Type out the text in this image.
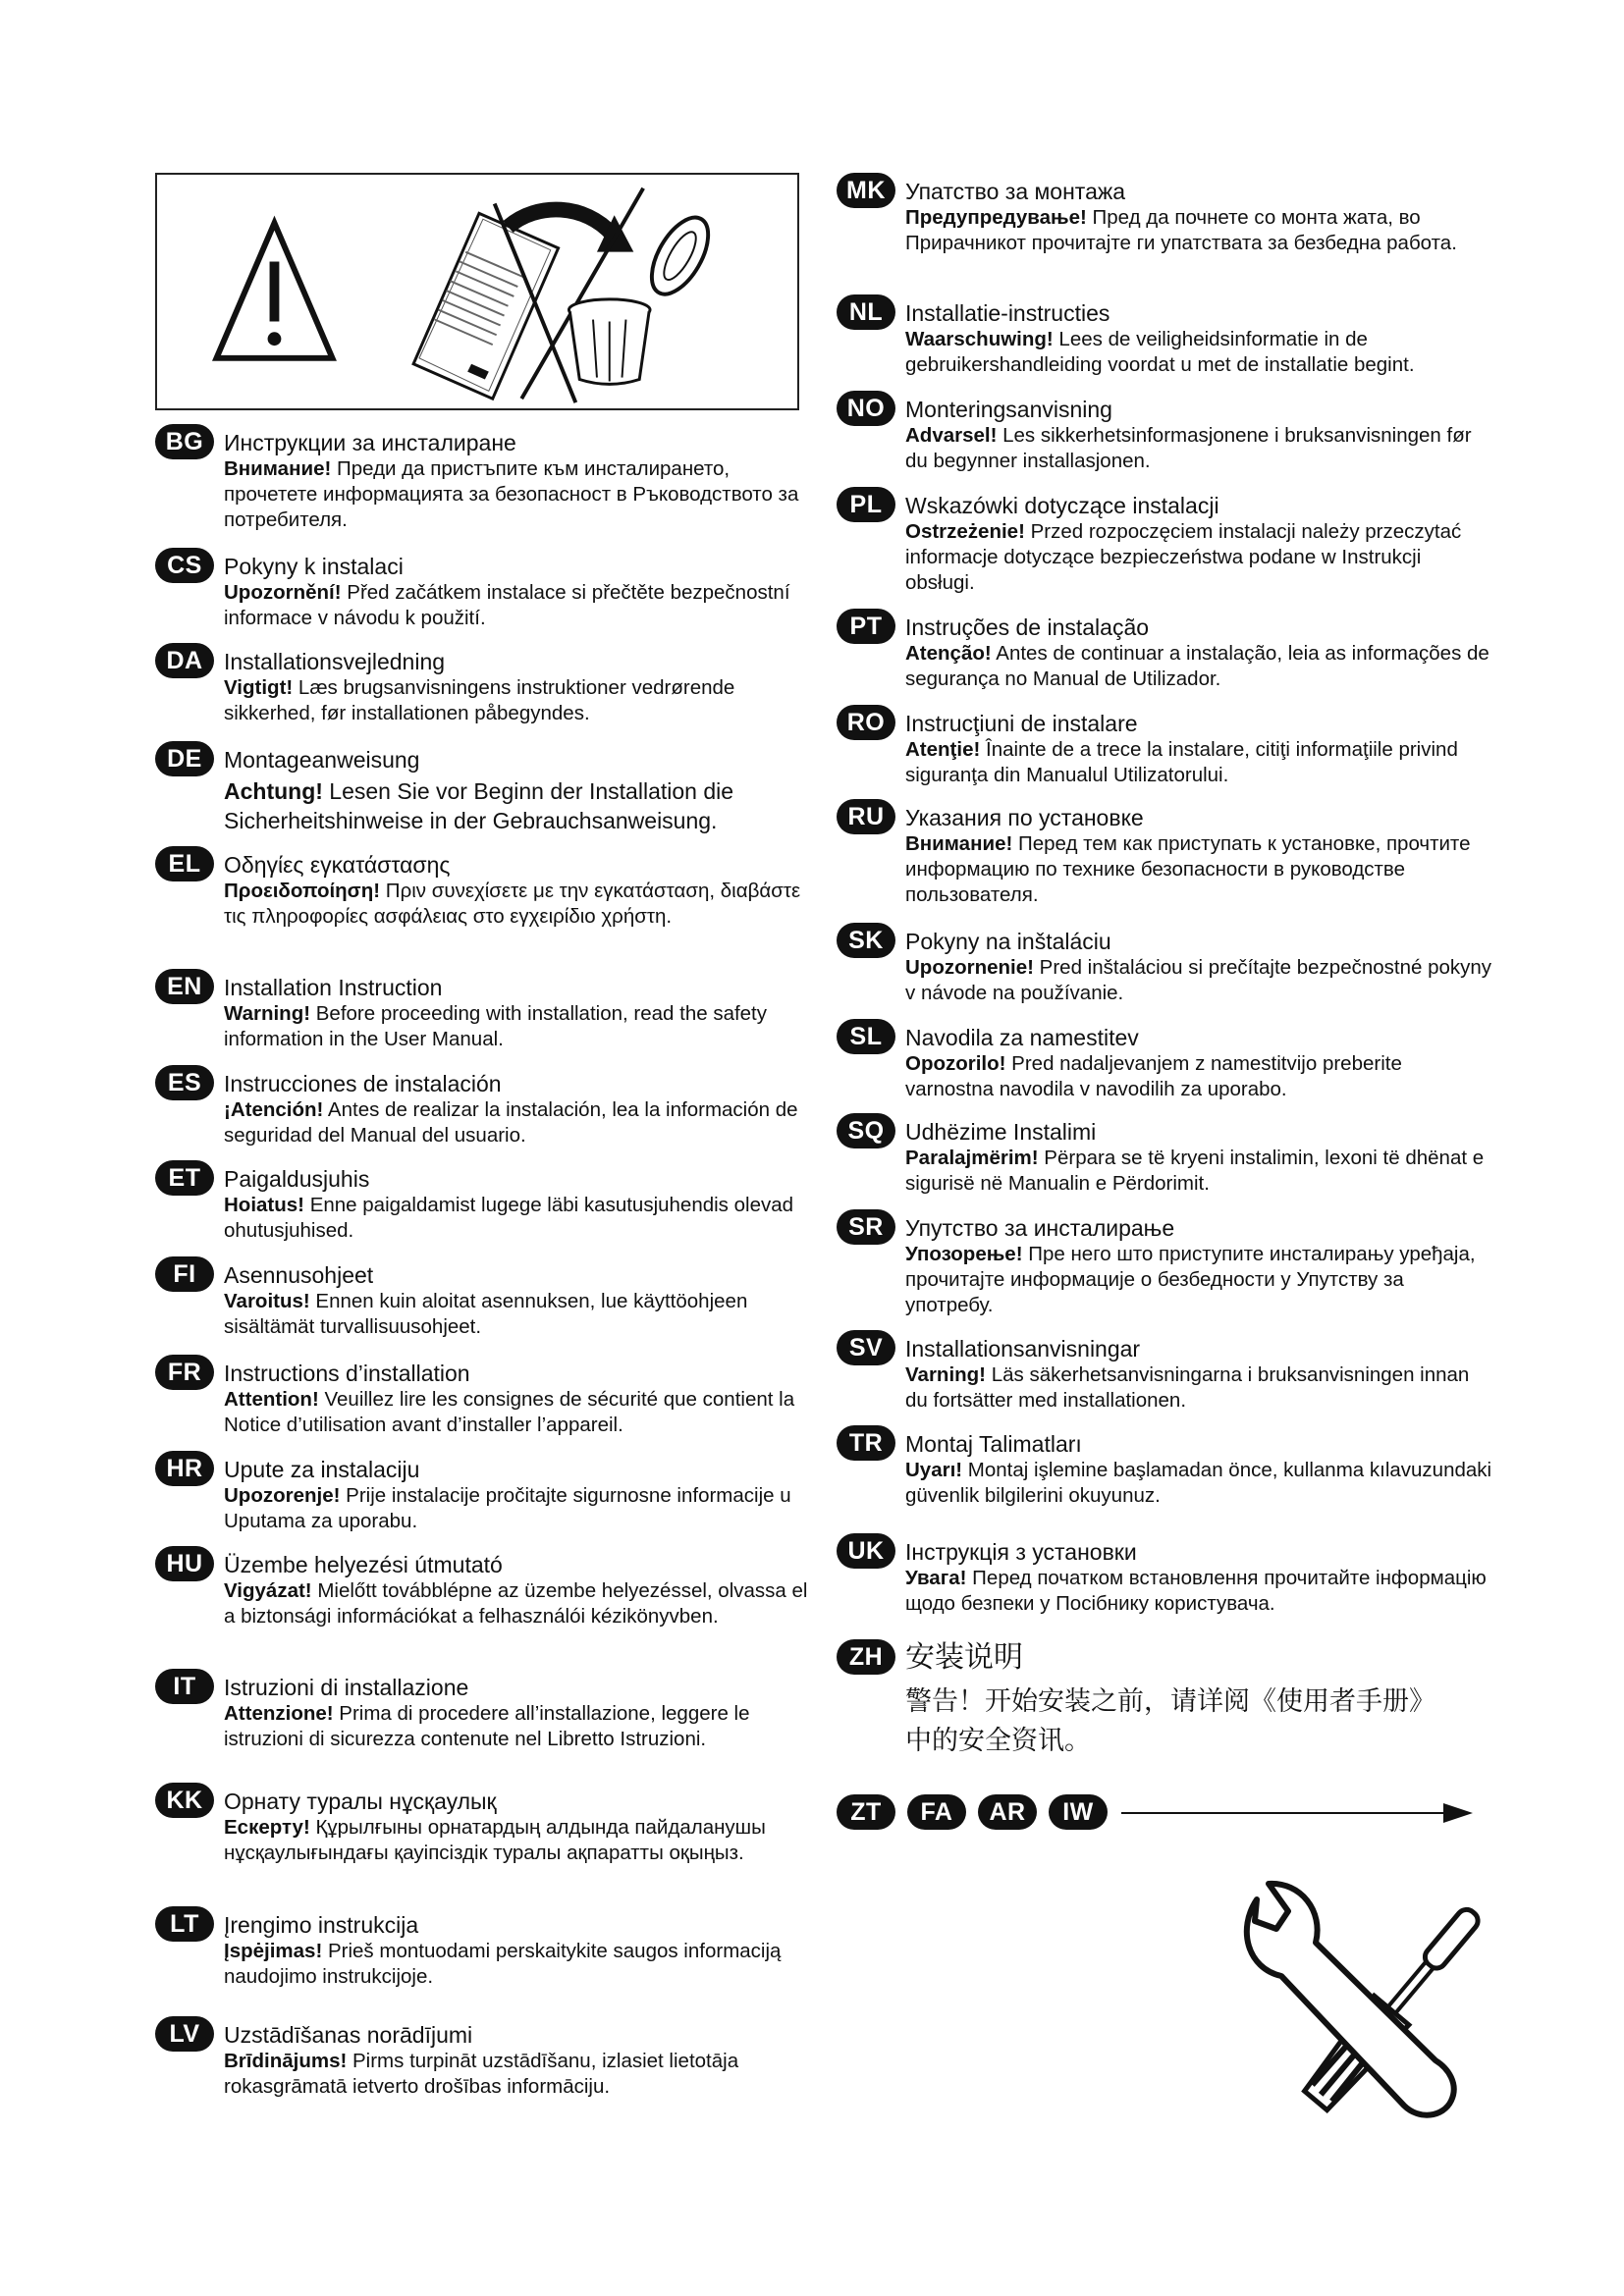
BG Инструкции за инсталиране
Внимание! Преди да пристъпите към инсталирането, прочетете информацията за безопасност в Ръководството за потребителя.
CS Pokyny k instalaci
Upozornění! Před začátkem instalace si přečtěte bezpečnostní informace v návodu k použití.
DA Installationsvejledning
Vigtigt! Læs brugsanvisningens instruktioner vedrørende sikkerhed, før installationen påbegyndes.
DE Montageanweisung
Achtung! Lesen Sie vor Beginn der Installation die Sicherheitshinweise in der Gebrauchsanweisung.
EL	Οδηγίες εγκατάστασης
Προειδοποίηση! Πριν συνεχίσετε με την εγκατάσταση, διαβάστε τις πληροφορίες ασφάλειας στο εγχειρίδιο χρήστη.
EN Installation Instruction
Warning! Before proceeding with installation, read the safety information in the User Manual.
ES Instrucciones de instalación
¡Atención! Antes de realizar la instalación, lea la información de seguridad del Manual del usuario.
ET	Paigaldusjuhis
Hoiatus! Enne paigaldamist lugege läbi kasutusjuhendis olevad ohutusjuhised.
FI	Asennusohjeet
Varoitus! Ennen kuin aloitat asennuksen, lue käyttöohjeen sisältämät turvallisuusohjeet.
FR Instructions d’installation
Attention! Veuillez lire les consignes de sécurité que contient la Notice d’utilisation avant d’installer l’appareil.
HR Upute za instalaciju
Upozorenje! Prije instalacije pročitajte sigurnosne informacije u Uputama za uporabu.
HU Üzembe helyezési útmutató
Vigyázat! Mielőtt továbblépne az üzembe helyezéssel, olvassa el a biztonsági információkat a felhasználói kézikönyvben.
IT	Istruzioni di installazione
Attenzione! Prima di procedere all’installazione, leggere le istruzioni di sicurezza contenute nel Libretto Istruzioni.
KK Орнату туралы нұсқаулық
Ескерту! Құрылғыны орнатардың алдында пайдаланушы нұсқаулығындағы қауіпсіздік туралы ақпаратты оқыңыз.
LT	Įrengimo instrukcija
Įspėjimas! Prieš montuodami perskaitykite saugos informaciją naudojimo instrukcijoje.
LV	Uzstādīšanas norādījumi
Brīdinājums! Pirms turpināt uzstādīšanu, izlasiet lietotāja rokasgrāmatā ietverto drošības informāciju.
MK Упатство за монтажа
Предупредување! Пред да почнете со монта жата, во Прирачникот прочитајте ги упатствата за безбедна работа.
NL Installatie-instructies
Waarschuwing! Lees de veiligheidsinformatie in de gebruikershandleiding voordat u met de installatie begint.
NO Monteringsanvisning
Advarsel! Les sikkerhetsinformasjonene i bruksanvisningen før du begynner installasjonen.
PL	Wskazówki dotyczące instalacji
Ostrzeżenie! Przed rozpoczęciem instalacji należy przeczytać informacje dotyczące bezpieczeństwa podane w Instrukcji obsługi.
PT	Instruções de instalação
Atenção! Antes de continuar a instalação, leia as informações de segurança no Manual de Utilizador.
RO Instrucţiuni de instalare
Atenţie! Înainte de a trece la instalare, citiţi informaţiile privind siguranţa din Manualul Utilizatorului.
RU Указания по установке
Внимание! Перед тем как приступать к установке, прочтите информацию по технике безопасности в руководстве пользователя.
SK Pokyny na inštaláciu
Upozornenie! Pred inštaláciou si prečítajte bezpečnostné pokyny v návode na používanie.
SL	Navodila za namestitev
Opozorilo! Pred nadaljevanjem z namestitvijo preberite varnostna navodila v navodilih za uporabo.
SQ Udhëzime Instalimi
Paralajmërim! Përpara se të kryeni instalimin, lexoni të dhënat e sigurisë në Manualin e Përdorimit.
SR Упутство за инсталирање
Упозорење! Пре него што приступите инсталирању уређаја, прочитајте информације о безбедности у Упутству за употребу.
SV Installationsanvisningar
Varning! Läs säkerhetsanvisningarna i bruksanvisningen innan du fortsätter med installationen.
TR Montaj Talimatları
Uyarı! Montaj işlemine başlamadan önce, kullanma kılavuzundaki güvenlik bilgilerini okuyunuz.
UK Інструкція з установки
Увага! Перед початком встановлення прочитайте інформацію щодо безпеки у Посібнику користувача.
ZH 安装说明
警告！开始安装之前，请详阅《使用者手册》中的安全资讯。
ZT	FA	AR	IW
